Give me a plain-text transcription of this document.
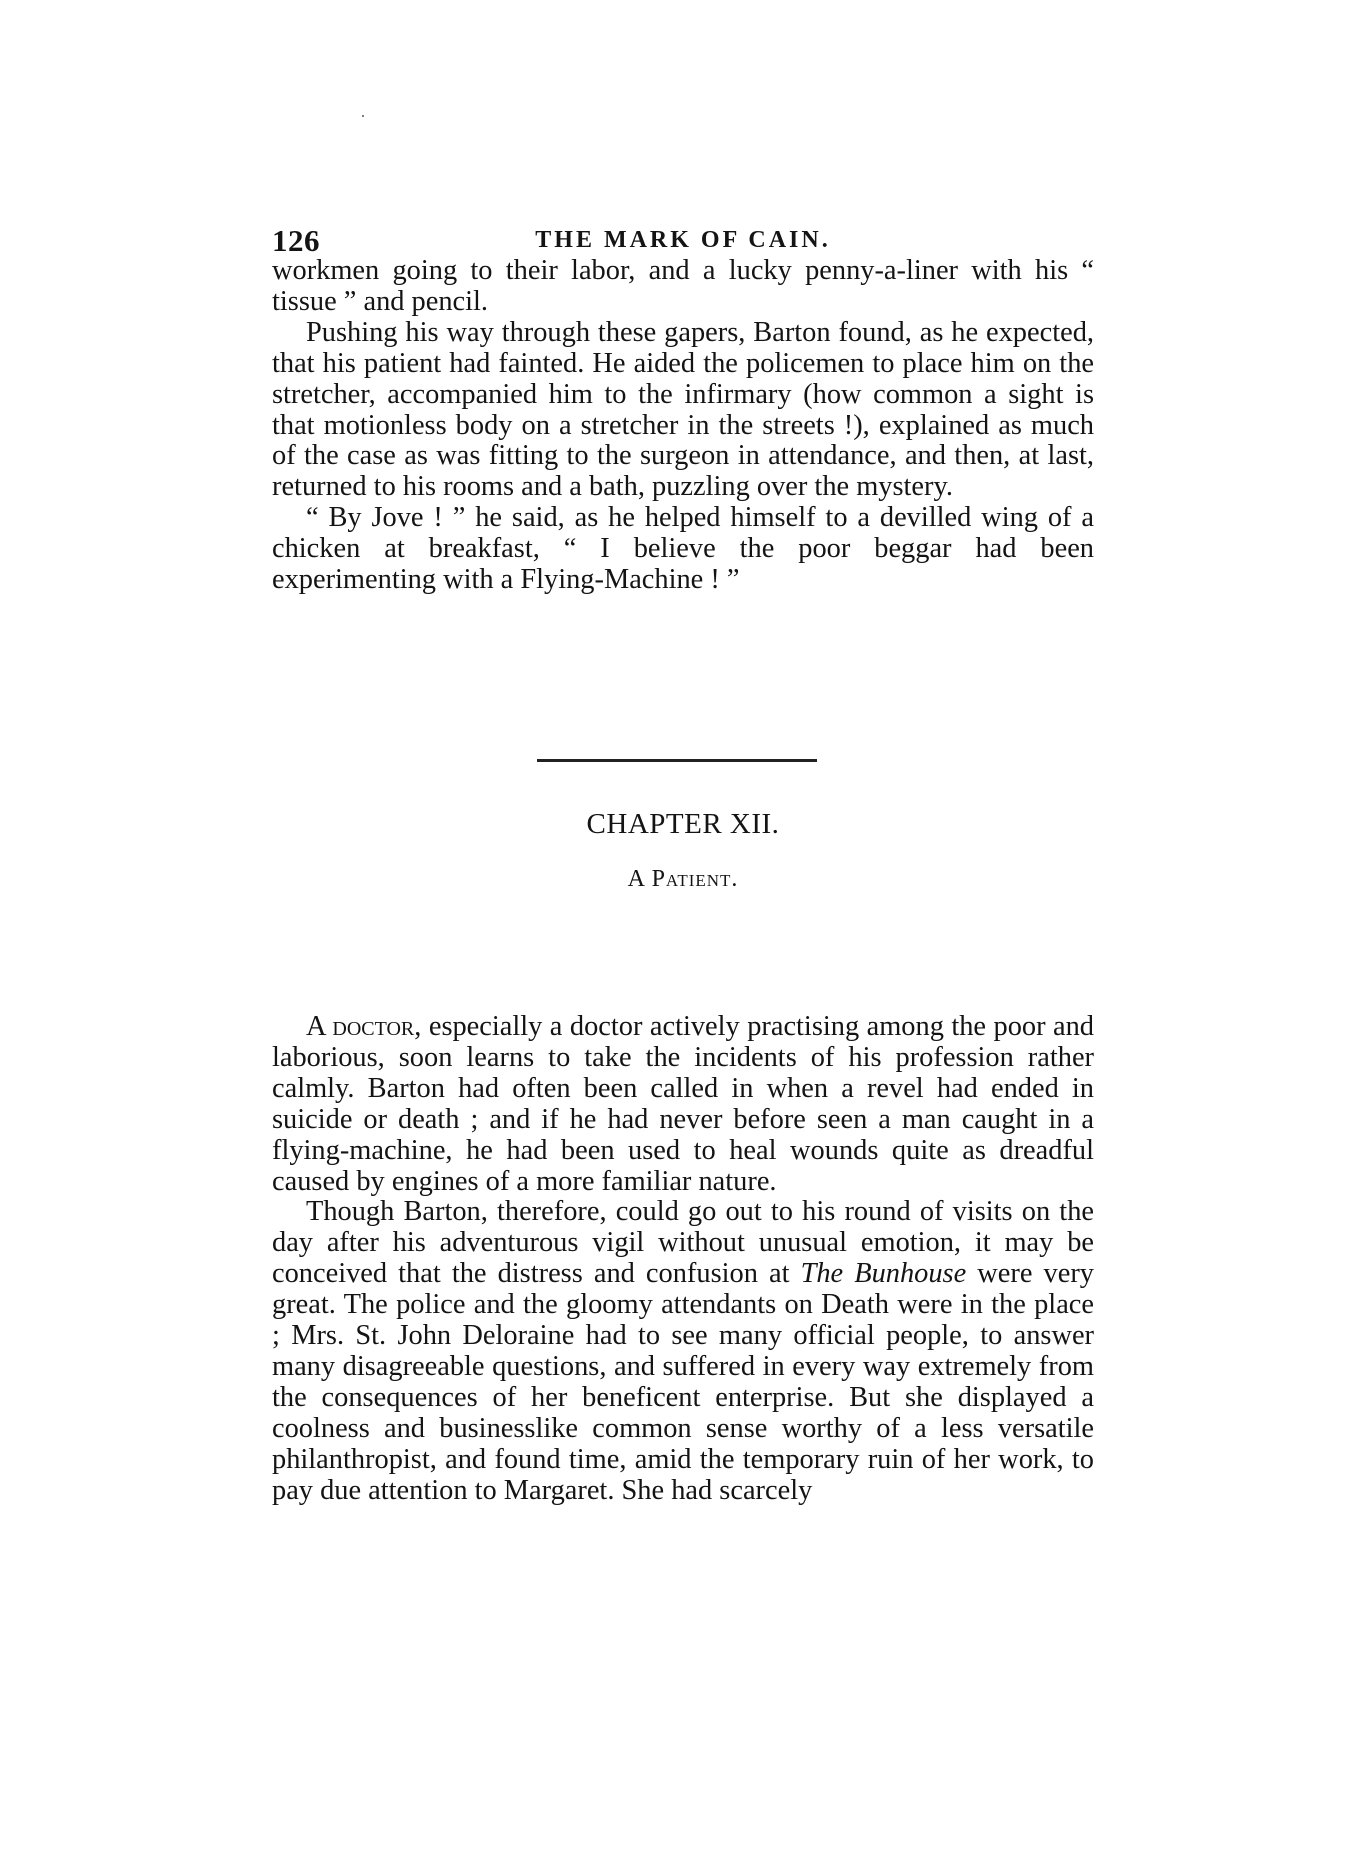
126	THE MARK OF CAIN.

workmen going to their labor, and a lucky penny-a-liner with his “ tissue ” and pencil.

Pushing his way through these gapers, Barton found, as he expected, that his patient had fainted. He aided the policemen to place him on the stretcher, accompanied him to the infirmary (how common a sight is that motionless body on a stretcher in the streets !), explained as much of the case as was fitting to the surgeon in attendance, and then, at last, returned to his rooms and a bath, puzzling over the mystery.

“ By Jove ! ” he said, as he helped himself to a devilled wing of a chicken at breakfast, “ I believe the poor beggar had been experimenting with a Flying-Machine ! ”

CHAPTER XII.
A Patient.

A doctor, especially a doctor actively practising among the poor and laborious, soon learns to take the incidents of his profession rather calmly. Barton had often been called in when a revel had ended in suicide or death ; and if he had never before seen a man caught in a flying-machine, he had been used to heal wounds quite as dreadful caused by engines of a more familiar nature.

Though Barton, therefore, could go out to his round of visits on the day after his adventurous vigil without unusual emotion, it may be conceived that the distress and confusion at The Bunhouse were very great. The police and the gloomy attendants on Death were in the place ; Mrs. St. John Deloraine had to see many official people, to answer many disagreeable questions, and suffered in every way extremely from the consequences of her beneficent enterprise. But she displayed a coolness and businesslike common sense worthy of a less versatile philanthropist, and found time, amid the temporary ruin of her work, to pay due attention to Margaret. She had scarcely
